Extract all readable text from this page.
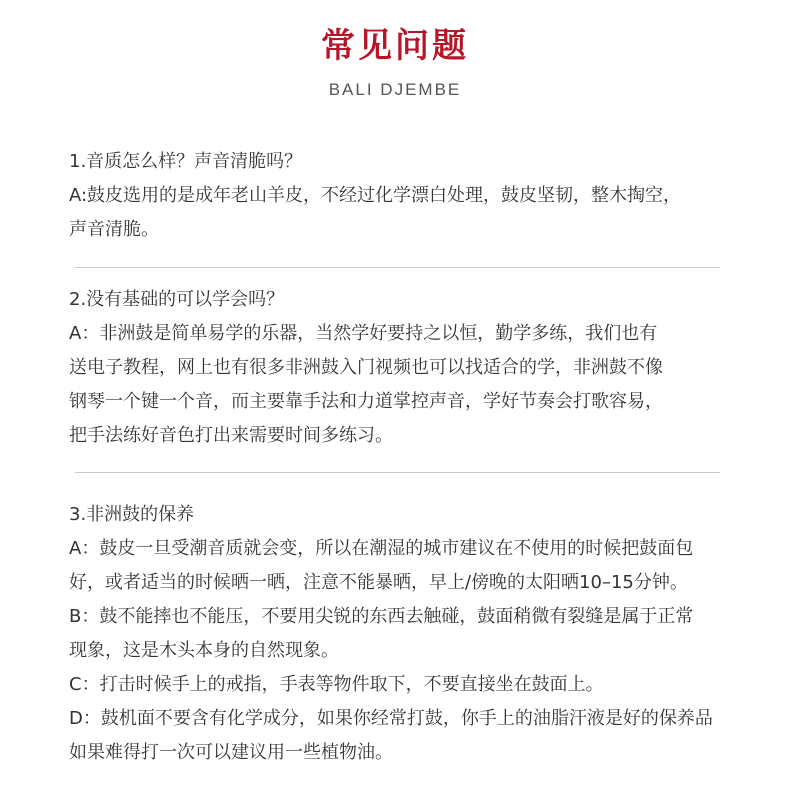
常见问题
BALI DJEMBE
1.音质怎么样？声音清脆吗？
A:鼓皮选用的是成年老山羊皮，不经过化学漂白处理，鼓皮坚韧，整木掏空，
声音清脆。
2.没有基础的可以学会吗？
A：非洲鼓是简单易学的乐器，当然学好要持之以恒，勤学多练，我们也有
送电子教程，网上也有很多非洲鼓入门视频也可以找适合的学，非洲鼓不像
钢琴一个键一个音，而主要靠手法和力道掌控声音，学好节奏会打歌容易，
把手法练好音色打出来需要时间多练习。
3.非洲鼓的保养
A：鼓皮一旦受潮音质就会变，所以在潮湿的城市建议在不使用的时候把鼓面包
好，或者适当的时候晒一晒，注意不能暴晒，早上/傍晚的太阳晒10–15分钟。
B：鼓不能摔也不能压，不要用尖锐的东西去触碰，鼓面稍微有裂缝是属于正常
现象，这是木头本身的自然现象。
C：打击时候手上的戒指，手表等物件取下，不要直接坐在鼓面上。
D：鼓机面不要含有化学成分，如果你经常打鼓，你手上的油脂汗液是好的保养品
如果难得打一次可以建议用一些植物油。
